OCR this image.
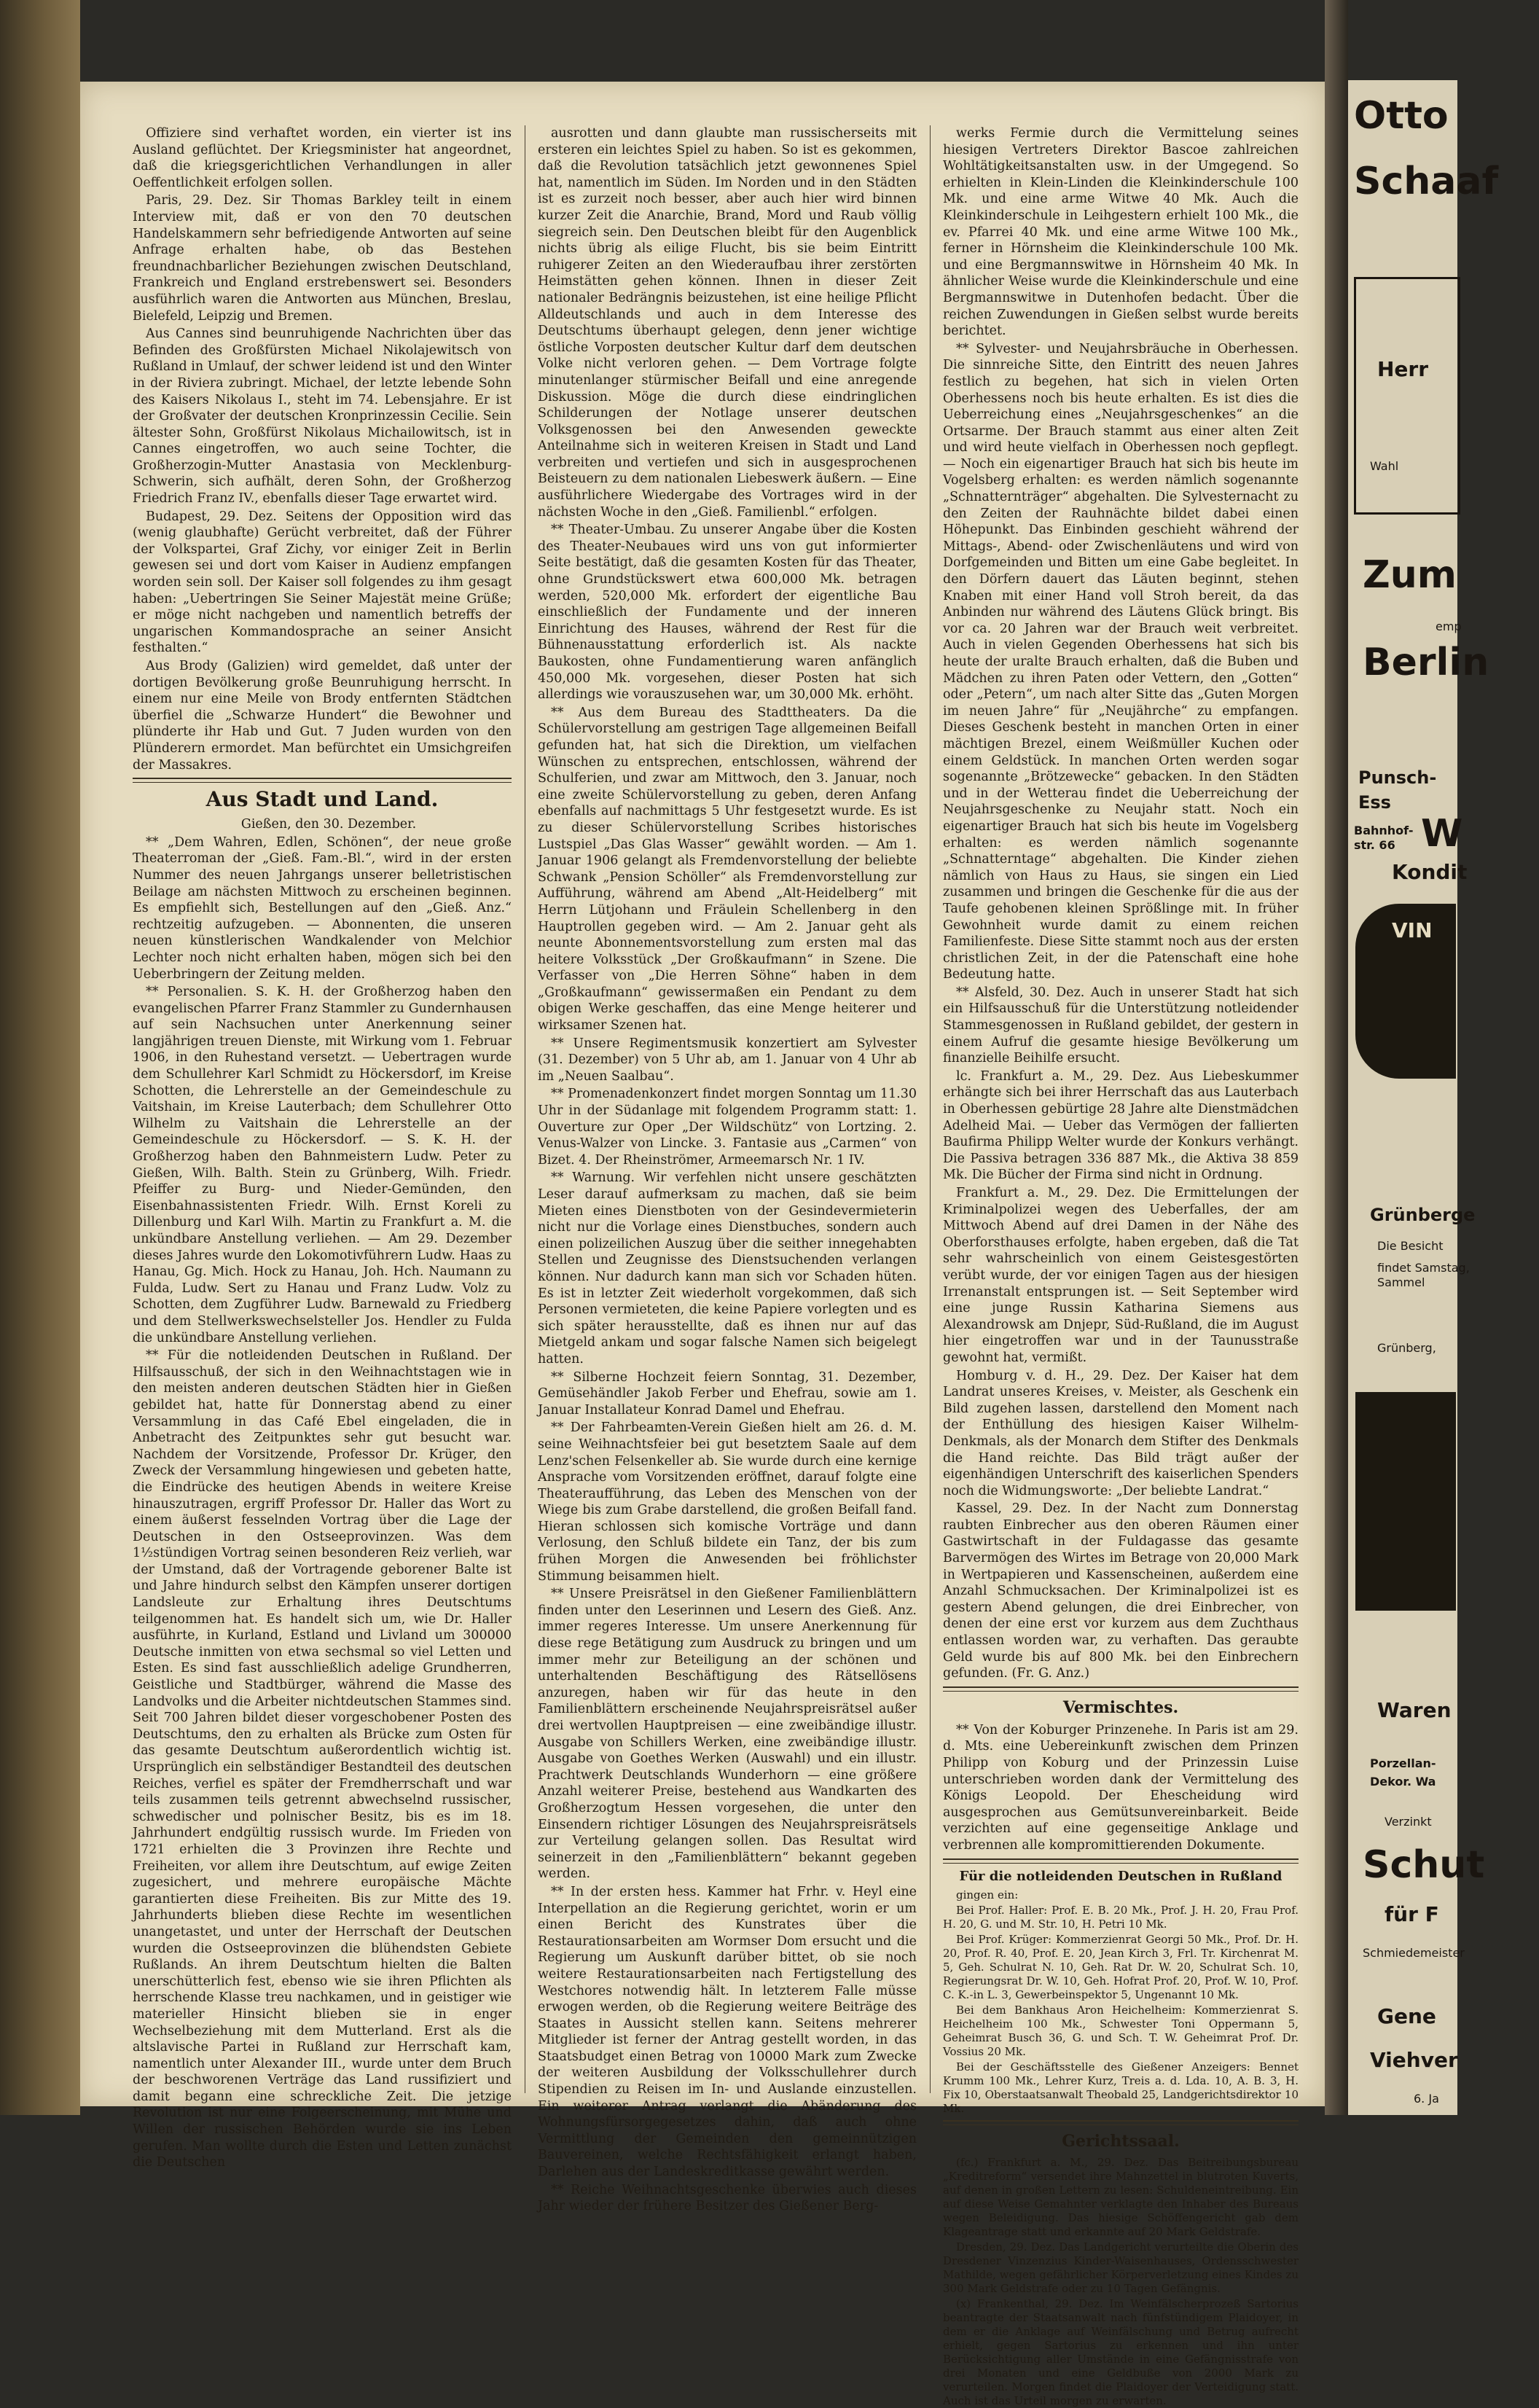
Offiziere sind verhaftet worden, ein vierter ist ins Ausland geflüchtet. Der Kriegsminister hat angeordnet, daß die kriegsgerichtlichen Verhandlungen in aller Oeffentlichkeit erfolgen sollen.

Paris, 29. Dez. Sir Thomas Barkley teilt in einem Interview mit, daß er von den 70 deutschen Handelskammern sehr befriedigende Antworten auf seine Anfrage erhalten habe, ob das Bestehen freundnachbarlicher Beziehungen zwischen Deutschland, Frankreich und England erstrebenswert sei. Besonders ausführlich waren die Antworten aus München, Breslau, Bielefeld, Leipzig und Bremen.

Aus Cannes sind beunruhigende Nachrichten über das Befinden des Großfürsten Michael Nikolajewitsch von Rußland in Umlauf, der schwer leidend ist und den Winter in der Riviera zubringt. Michael, der letzte lebende Sohn des Kaisers Nikolaus I., steht im 74. Lebensjahre. Er ist der Großvater der deutschen Kronprinzessin Cecilie. Sein ältester Sohn, Großfürst Nikolaus Michailowitsch, ist in Cannes eingetroffen, wo auch seine Tochter, die Großherzogin-Mutter Anastasia von Mecklenburg-Schwerin, sich aufhält, deren Sohn, der Großherzog Friedrich Franz IV., ebenfalls dieser Tage erwartet wird.

Budapest, 29. Dez. Seitens der Opposition wird das (wenig glaubhafte) Gerücht verbreitet, daß der Führer der Volkspartei, Graf Zichy, vor einiger Zeit in Berlin gewesen sei und dort vom Kaiser in Audienz empfangen worden sein soll. Der Kaiser soll folgendes zu ihm gesagt haben: „Uebertringen Sie Seiner Majestät meine Grüße; er möge nicht nachgeben und namentlich betreffs der ungarischen Kommandosprache an seiner Ansicht festhalten.“

Aus Brody (Galizien) wird gemeldet, daß unter der dortigen Bevölkerung große Beunruhigung herrscht. In einem nur eine Meile von Brody entfernten Städtchen überfiel die „Schwarze Hundert“ die Bewohner und plünderte ihr Hab und Gut. 7 Juden wurden von den Plünderern ermordet. Man befürchtet ein Umsichgreifen der Massakres.

Aus Stadt und Land.

Gießen, den 30. Dezember.

** „Dem Wahren, Edlen, Schönen“, der neue große Theaterroman der „Gieß. Fam.-Bl.“, wird in der ersten Nummer des neuen Jahrgangs unserer belletristischen Beilage am nächsten Mittwoch zu erscheinen beginnen. Es empfiehlt sich, Bestellungen auf den „Gieß. Anz.“ rechtzeitig aufzugeben. — Abonnenten, die unseren neuen künstlerischen Wandkalender von Melchior Lechter noch nicht erhalten haben, mögen sich bei den Ueberbringern der Zeitung melden.

** Personalien. S. K. H. der Großherzog haben den evangelischen Pfarrer Franz Stammler zu Gundernhausen auf sein Nachsuchen unter Anerkennung seiner langjährigen treuen Dienste, mit Wirkung vom 1. Februar 1906, in den Ruhestand versetzt. — Uebertragen wurde dem Schullehrer Karl Schmidt zu Höckersdorf, im Kreise Schotten, die Lehrerstelle an der Gemeindeschule zu Vaitshain, im Kreise Lauterbach; dem Schullehrer Otto Wilhelm zu Vaitshain die Lehrerstelle an der Gemeindeschule zu Höckersdorf. — S. K. H. der Großherzog haben den Bahnmeistern Ludw. Peter zu Gießen, Wilh. Balth. Stein zu Grünberg, Wilh. Friedr. Pfeiffer zu Burg- und Nieder-Gemünden, den Eisenbahnassistenten Friedr. Wilh. Ernst Koreli zu Dillenburg und Karl Wilh. Martin zu Frankfurt a. M. die unkündbare Anstellung verliehen. — Am 29. Dezember dieses Jahres wurde den Lokomotivführern Ludw. Haas zu Hanau, Gg. Mich. Hock zu Hanau, Joh. Hch. Naumann zu Fulda, Ludw. Sert zu Hanau und Franz Ludw. Volz zu Schotten, dem Zugführer Ludw. Barnewald zu Friedberg und dem Stellwerkswechselsteller Jos. Hendler zu Fulda die unkündbare Anstellung verliehen.

** Für die notleidenden Deutschen in Rußland. Der Hilfsausschuß, der sich in den Weihnachtstagen wie in den meisten anderen deutschen Städten hier in Gießen gebildet hat, hatte für Donnerstag abend zu einer Versammlung in das Café Ebel eingeladen, die in Anbetracht des Zeitpunktes sehr gut besucht war. Nachdem der Vorsitzende, Professor Dr. Krüger, den Zweck der Versammlung hingewiesen und gebeten hatte, die Eindrücke des heutigen Abends in weitere Kreise hinauszutragen, ergriff Professor Dr. Haller das Wort zu einem äußerst fesselnden Vortrag über die Lage der Deutschen in den Ostseeprovinzen. Was dem 1½stündigen Vortrag seinen besonderen Reiz verlieh, war der Umstand, daß der Vortragende geborener Balte ist und Jahre hindurch selbst den Kämpfen unserer dortigen Landsleute zur Erhaltung ihres Deutschtums teilgenommen hat. Es handelt sich um, wie Dr. Haller ausführte, in Kurland, Estland und Livland um 300000 Deutsche inmitten von etwa sechsmal so viel Letten und Esten. Es sind fast ausschließlich adelige Grundherren, Geistliche und Stadtbürger, während die Masse des Landvolks und die Arbeiter nichtdeutschen Stammes sind. Seit 700 Jahren bildet dieser vorgeschobener Posten des Deutschtums, den zu erhalten als Brücke zum Osten für das gesamte Deutschtum außerordentlich wichtig ist. Ursprünglich ein selbständiger Bestandteil des deutschen Reiches, verfiel es später der Fremdherrschaft und war teils zusammen teils getrennt abwechselnd russischer, schwedischer und polnischer Besitz, bis es im 18. Jahrhundert endgültig russisch wurde. Im Frieden von 1721 erhielten die 3 Provinzen ihre Rechte und Freiheiten, vor allem ihre Deutschtum, auf ewige Zeiten zugesichert, und mehrere europäische Mächte garantierten diese Freiheiten. Bis zur Mitte des 19. Jahrhunderts blieben diese Rechte im wesentlichen unangetastet, und unter der Herrschaft der Deutschen wurden die Ostseeprovinzen die blühendsten Gebiete Rußlands. An ihrem Deutschtum hielten die Balten unerschütterlich fest, ebenso wie sie ihren Pflichten als herrschende Klasse treu nachkamen, und in geistiger wie materieller Hinsicht blieben sie in enger Wechselbeziehung mit dem Mutterland. Erst als die altslavische Partei in Rußland zur Herrschaft kam, namentlich unter Alexander III., wurde unter dem Bruch der beschworenen Verträge das Land russifiziert und damit begann eine schreckliche Zeit. Die jetzige Revolution ist nur eine Folgeerscheinung, mit Mühe und Willen der russischen Behörden wurde sie ins Leben gerufen. Man wollte durch die Esten und Letten zunächst die Deutschen

ausrotten und dann glaubte man russischerseits mit ersteren ein leichtes Spiel zu haben. So ist es gekommen, daß die Revolution tatsächlich jetzt gewonnenes Spiel hat, namentlich im Süden. Im Norden und in den Städten ist es zurzeit noch besser, aber auch hier wird binnen kurzer Zeit die Anarchie, Brand, Mord und Raub völlig siegreich sein. Den Deutschen bleibt für den Augenblick nichts übrig als eilige Flucht, bis sie beim Eintritt ruhigerer Zeiten an den Wiederaufbau ihrer zerstörten Heimstätten gehen können. Ihnen in dieser Zeit nationaler Bedrängnis beizustehen, ist eine heilige Pflicht Alldeutschlands und auch in dem Interesse des Deutschtums überhaupt gelegen, denn jener wichtige östliche Vorposten deutscher Kultur darf dem deutschen Volke nicht verloren gehen. — Dem Vortrage folgte minutenlanger stürmischer Beifall und eine anregende Diskussion. Möge die durch diese eindringlichen Schilderungen der Notlage unserer deutschen Volksgenossen bei den Anwesenden geweckte Anteilnahme sich in weiteren Kreisen in Stadt und Land verbreiten und vertiefen und sich in ausgesprochenen Beisteuern zu dem nationalen Liebeswerk äußern. — Eine ausführlichere Wiedergabe des Vortrages wird in der nächsten Woche in den „Gieß. Familienbl.“ erfolgen.

** Theater-Umbau. Zu unserer Angabe über die Kosten des Theater-Neubaues wird uns von gut informierter Seite bestätigt, daß die gesamten Kosten für das Theater, ohne Grundstückswert etwa 600,000 Mk. betragen werden, 520,000 Mk. erfordert der eigentliche Bau einschließlich der Fundamente und der inneren Einrichtung des Hauses, während der Rest für die Bühnenausstattung erforderlich ist. Als nackte Baukosten, ohne Fundamentierung waren anfänglich 450,000 Mk. vorgesehen, dieser Posten hat sich allerdings wie vorauszusehen war, um 30,000 Mk. erhöht.

** Aus dem Bureau des Stadttheaters. Da die Schülervorstellung am gestrigen Tage allgemeinen Beifall gefunden hat, hat sich die Direktion, um vielfachen Wünschen zu entsprechen, entschlossen, während der Schulferien, und zwar am Mittwoch, den 3. Januar, noch eine zweite Schülervorstellung zu geben, deren Anfang ebenfalls auf nachmittags 5 Uhr festgesetzt wurde. Es ist zu dieser Schülervorstellung Scribes historisches Lustspiel „Das Glas Wasser“ gewählt worden. — Am 1. Januar 1906 gelangt als Fremdenvorstellung der beliebte Schwank „Pension Schöller“ als Fremdenvorstellung zur Aufführung, während am Abend „Alt-Heidelberg“ mit Herrn Lütjohann und Fräulein Schellenberg in den Hauptrollen gegeben wird. — Am 2. Januar geht als neunte Abonnementsvorstellung zum ersten mal das heitere Volksstück „Der Großkaufmann“ in Szene. Die Verfasser von „Die Herren Söhne“ haben in dem „Großkaufmann“ gewissermaßen ein Pendant zu dem obigen Werke geschaffen, das eine Menge heiterer und wirksamer Szenen hat.

** Unsere Regimentsmusik konzertiert am Sylvester (31. Dezember) von 5 Uhr ab, am 1. Januar von 4 Uhr ab im „Neuen Saalbau“.

** Promenadenkonzert findet morgen Sonntag um 11.30 Uhr in der Südanlage mit folgendem Programm statt: 1. Ouverture zur Oper „Der Wildschütz“ von Lortzing. 2. Venus-Walzer von Lincke. 3. Fantasie aus „Carmen“ von Bizet. 4. Der Rheinströmer, Armeemarsch Nr. 1 IV.

** Warnung. Wir verfehlen nicht unsere geschätzten Leser darauf aufmerksam zu machen, daß sie beim Mieten eines Dienstboten von der Gesindevermieterin nicht nur die Vorlage eines Dienstbuches, sondern auch einen polizeilichen Auszug über die seither innegehabten Stellen und Zeugnisse des Dienstsuchenden verlangen können. Nur dadurch kann man sich vor Schaden hüten. Es ist in letzter Zeit wiederholt vorgekommen, daß sich Personen vermieteten, die keine Papiere vorlegten und es sich später herausstellte, daß es ihnen nur auf das Mietgeld ankam und sogar falsche Namen sich beigelegt hatten.

** Silberne Hochzeit feiern Sonntag, 31. Dezember, Gemüsehändler Jakob Ferber und Ehefrau, sowie am 1. Januar Installateur Konrad Damel und Ehefrau.

** Der Fahrbeamten-Verein Gießen hielt am 26. d. M. seine Weihnachtsfeier bei gut besetztem Saale auf dem Lenz'schen Felsenkeller ab. Sie wurde durch eine kernige Ansprache vom Vorsitzenden eröffnet, darauf folgte eine Theateraufführung, das Leben des Menschen von der Wiege bis zum Grabe darstellend, die großen Beifall fand. Hieran schlossen sich komische Vorträge und dann Verlosung, den Schluß bildete ein Tanz, der bis zum frühen Morgen die Anwesenden bei fröhlichster Stimmung beisammen hielt.

** Unsere Preisrätsel in den Gießener Familienblättern finden unter den Leserinnen und Lesern des Gieß. Anz. immer regeres Interesse. Um unsere Anerkennung für diese rege Betätigung zum Ausdruck zu bringen und um immer mehr zur Beteiligung an der schönen und unterhaltenden Beschäftigung des Rätsellösens anzuregen, haben wir für das heute in den Familienblättern erscheinende Neujahrspreisrätsel außer drei wertvollen Hauptpreisen — eine zweibändige illustr. Ausgabe von Schillers Werken, eine zweibändige illustr. Ausgabe von Goethes Werken (Auswahl) und ein illustr. Prachtwerk Deutschlands Wunderhorn — eine größere Anzahl weiterer Preise, bestehend aus Wandkarten des Großherzogtum Hessen vorgesehen, die unter den Einsendern richtiger Lösungen des Neujahrspreisrätsels zur Verteilung gelangen sollen. Das Resultat wird seinerzeit in den „Familienblättern“ bekannt gegeben werden.

** In der ersten hess. Kammer hat Frhr. v. Heyl eine Interpellation an die Regierung gerichtet, worin er um einen Bericht des Kunstrates über die Restaurationsarbeiten am Wormser Dom ersucht und die Regierung um Auskunft darüber bittet, ob sie noch weitere Restaurationsarbeiten nach Fertigstellung des Westchores notwendig hält. In letzterem Falle müsse erwogen werden, ob die Regierung weitere Beiträge des Staates in Aussicht stellen kann. Seitens mehrerer Mitglieder ist ferner der Antrag gestellt worden, in das Staatsbudget einen Betrag von 10000 Mark zum Zwecke der weiteren Ausbildung der Volksschullehrer durch Stipendien zu Reisen im In- und Auslande einzustellen. Ein weiterer Antrag verlangt die Abänderung des Wohnungsfürsorgegesetzes dahin, daß auch ohne Vermittlung der Gemeinden den gemeinnützigen Bauvereinen, welche Rechtsfähigkeit erlangt haben, Darlehen aus der Landeskreditkasse gewährt werden.

** Reiche Weihnachtsgeschenke überwies auch dieses Jahr wieder der frühere Besitzer des Gießener Berg-

werks Fermie durch die Vermittelung seines hiesigen Vertreters Direktor Bascoe zahlreichen Wohltätigkeitsanstalten usw. in der Umgegend. So erhielten in Klein-Linden die Kleinkinderschule 100 Mk. und eine arme Witwe 40 Mk. Auch die Kleinkinderschule in Leihgestern erhielt 100 Mk., die ev. Pfarrei 40 Mk. und eine arme Witwe 100 Mk., ferner in Hörnsheim die Kleinkinderschule 100 Mk. und eine Bergmannswitwe in Hörnsheim 40 Mk. In ähnlicher Weise wurde die Kleinkinderschule und eine Bergmannswitwe in Dutenhofen bedacht. Über die reichen Zuwendungen in Gießen selbst wurde bereits berichtet.

** Sylvester- und Neujahrsbräuche in Oberhessen. Die sinnreiche Sitte, den Eintritt des neuen Jahres festlich zu begehen, hat sich in vielen Orten Oberhessens noch bis heute erhalten. Es ist dies die Ueberreichung eines „Neujahrsgeschenkes“ an die Ortsarme. Der Brauch stammt aus einer alten Zeit und wird heute vielfach in Oberhessen noch gepflegt. — Noch ein eigenartiger Brauch hat sich bis heute im Vogelsberg erhalten: es werden nämlich sogenannte „Schnatternträger“ abgehalten. Die Sylvesternacht zu den Zeiten der Rauhnächte bildet dabei einen Höhepunkt. Das Einbinden geschieht während der Mittags-, Abend- oder Zwischenläutens und wird von Dorfgemeinden und Bitten um eine Gabe begleitet. In den Dörfern dauert das Läuten beginnt, stehen Knaben mit einer Hand voll Stroh bereit, da das Anbinden nur während des Läutens Glück bringt. Bis vor ca. 20 Jahren war der Brauch weit verbreitet. Auch in vielen Gegenden Oberhessens hat sich bis heute der uralte Brauch erhalten, daß die Buben und Mädchen zu ihren Paten oder Vettern, den „Gotten“ oder „Petern“, um nach alter Sitte das „Guten Morgen im neuen Jahre“ für „Neujährche“ zu empfangen. Dieses Geschenk besteht in manchen Orten in einer mächtigen Brezel, einem Weißmüller Kuchen oder einem Geldstück. In manchen Orten werden sogar sogenannte „Brötzewecke“ gebacken. In den Städten und in der Wetterau findet die Ueberreichung der Neujahrsgeschenke zu Neujahr statt. Noch ein eigenartiger Brauch hat sich bis heute im Vogelsberg erhalten: es werden nämlich sogenannte „Schnatterntage“ abgehalten. Die Kinder ziehen nämlich von Haus zu Haus, sie singen ein Lied zusammen und bringen die Geschenke für die aus der Taufe gehobenen kleinen Sprößlinge mit. In früher Gewohnheit wurde damit zu einem reichen Familienfeste. Diese Sitte stammt noch aus der ersten christlichen Zeit, in der die Patenschaft eine hohe Bedeutung hatte.

** Alsfeld, 30. Dez. Auch in unserer Stadt hat sich ein Hilfsausschuß für die Unterstützung notleidender Stammesgenossen in Rußland gebildet, der gestern in einem Aufruf die gesamte hiesige Bevölkerung um finanzielle Beihilfe ersucht.

lc. Frankfurt a. M., 29. Dez. Aus Liebeskummer erhängte sich bei ihrer Herrschaft das aus Lauterbach in Oberhessen gebürtige 28 Jahre alte Dienstmädchen Adelheid Mai. — Ueber das Vermögen der fallierten Baufirma Philipp Welter wurde der Konkurs verhängt. Die Passiva betragen 336 887 Mk., die Aktiva 38 859 Mk. Die Bücher der Firma sind nicht in Ordnung.

Frankfurt a. M., 29. Dez. Die Ermittelungen der Kriminalpolizei wegen des Ueberfalles, der am Mittwoch Abend auf drei Damen in der Nähe des Oberforsthauses erfolgte, haben ergeben, daß die Tat sehr wahrscheinlich von einem Geistesgestörten verübt wurde, der vor einigen Tagen aus der hiesigen Irrenanstalt entsprungen ist. — Seit September wird eine junge Russin Katharina Siemens aus Alexandrowsk am Dnjepr, Süd-Rußland, die im August hier eingetroffen war und in der Taunusstraße gewohnt hat, vermißt.

Homburg v. d. H., 29. Dez. Der Kaiser hat dem Landrat unseres Kreises, v. Meister, als Geschenk ein Bild zugehen lassen, darstellend den Moment nach der Enthüllung des hiesigen Kaiser Wilhelm-Denkmals, als der Monarch dem Stifter des Denkmals die Hand reichte. Das Bild trägt außer der eigenhändigen Unterschrift des kaiserlichen Spenders noch die Widmungsworte: „Der beliebte Landrat.“

Kassel, 29. Dez. In der Nacht zum Donnerstag raubten Einbrecher aus den oberen Räumen einer Gastwirtschaft in der Fuldagasse das gesamte Barvermögen des Wirtes im Betrage von 20,000 Mark in Wertpapieren und Kassenscheinen, außerdem eine Anzahl Schmucksachen. Der Kriminalpolizei ist es gestern Abend gelungen, die drei Einbrecher, von denen der eine erst vor kurzem aus dem Zuchthaus entlassen worden war, zu verhaften. Das geraubte Geld wurde bis auf 800 Mk. bei den Einbrechern gefunden. (Fr. G. Anz.)

Vermischtes.

** Von der Koburger Prinzenehe. In Paris ist am 29. d. Mts. eine Uebereinkunft zwischen dem Prinzen Philipp von Koburg und der Prinzessin Luise unterschrieben worden dank der Vermittelung des Königs Leopold. Der Ehescheidung wird ausgesprochen aus Gemütsunvereinbarkeit. Beide verzichten auf eine gegenseitige Anklage und verbrennen alle kompromittierenden Dokumente.

Für die notleidenden Deutschen in Rußland

gingen ein:

Bei Prof. Haller: Prof. E. B. 20 Mk., Prof. J. H. 20, Frau Prof. H. 20, G. und M. Str. 10, H. Petri 10 Mk.

Bei Prof. Krüger: Kommerzienrat Georgi 50 Mk., Prof. Dr. H. 20, Prof. R. 40, Prof. E. 20, Jean Kirch 3, Frl. Tr. Kirchenrat M. 5, Geh. Schulrat N. 10, Geh. Rat Dr. W. 20, Schulrat Sch. 10, Regierungsrat Dr. W. 10, Geh. Hofrat Prof. 20, Prof. W. 10, Prof. C. K.-in L. 3, Gewerbeinspektor 5, Ungenannt 10 Mk.

Bei dem Bankhaus Aron Heichelheim: Kommerzienrat S. Heichelheim 100 Mk., Schwester Toni Oppermann 5, Geheimrat Busch 36, G. und Sch. T. W. Geheimrat Prof. Dr. Vossius 20 Mk.

Bei der Geschäftsstelle des Gießener Anzeigers: Bennet Krumm 100 Mk., Lehrer Kurz, Treis a. d. Lda. 10, A. B. 3, H. Fix 10, Oberstaatsanwalt Theobald 25, Landgerichtsdirektor 10 Mk.

Gerichtssaal.

(fc.) Frankfurt a. M., 29. Dez. Das Beitreibungsbureau „Kreditreform“ versendet ihre Mahnzettel in blutroten Kuverts, auf denen in großen Lettern zu lesen: Schuldeneintreibung. Ein auf diese Weise Gemahnter verklagte den Inhaber des Bureaus wegen Beleidigung. Das hiesige Schöffengericht gab dem Klageantrage statt und erkannte auf 20 Mark Geldstrafe.

Dresden, 29. Dez. Das Landgericht verurteilte die Oberin des Dresdener Vinzenzius Kinder-Waisenhauses, Ordensschwester Mathilde, wegen gefährlicher Körperverletzung eines Kindes zu 300 Mark Geldstrafe oder zu 10 Tagen Gefängnis.

(x) Frankenthal, 29. Dez. Im Weinfälscherprozeß Sartorius beantragte der Staatsanwalt nach fünfstündigem Plaidoyer, in dem er die Anklage auf Weinfälschung und Betrug aufrecht erhielt, gegen Sartorius zu erkennen und ihn unter Berücksichtigung aller Umstände in eine Gefängnisstrafe von drei Monaten und eine Geldbuße von 2000 Mark zu verurteilen. Morgen findet die Plaidoyer der Verteidigung statt. Auch ist das Urteil morgen zu erwarten.

Otto
Schaaf
Herr
Wahl
Zum
emp
Berlin
Punsch-Ess
Bahnhof-str. 66 W
Kondit
VIN
Grünberge
Die Besicht
findet Samstag, Sammel
Grünberg,
Waren
Porzellan-
Dekor. Wa
Verzinkt
Schut
für F
Schmiedemeister
Gene
Viehver
6. Ja
